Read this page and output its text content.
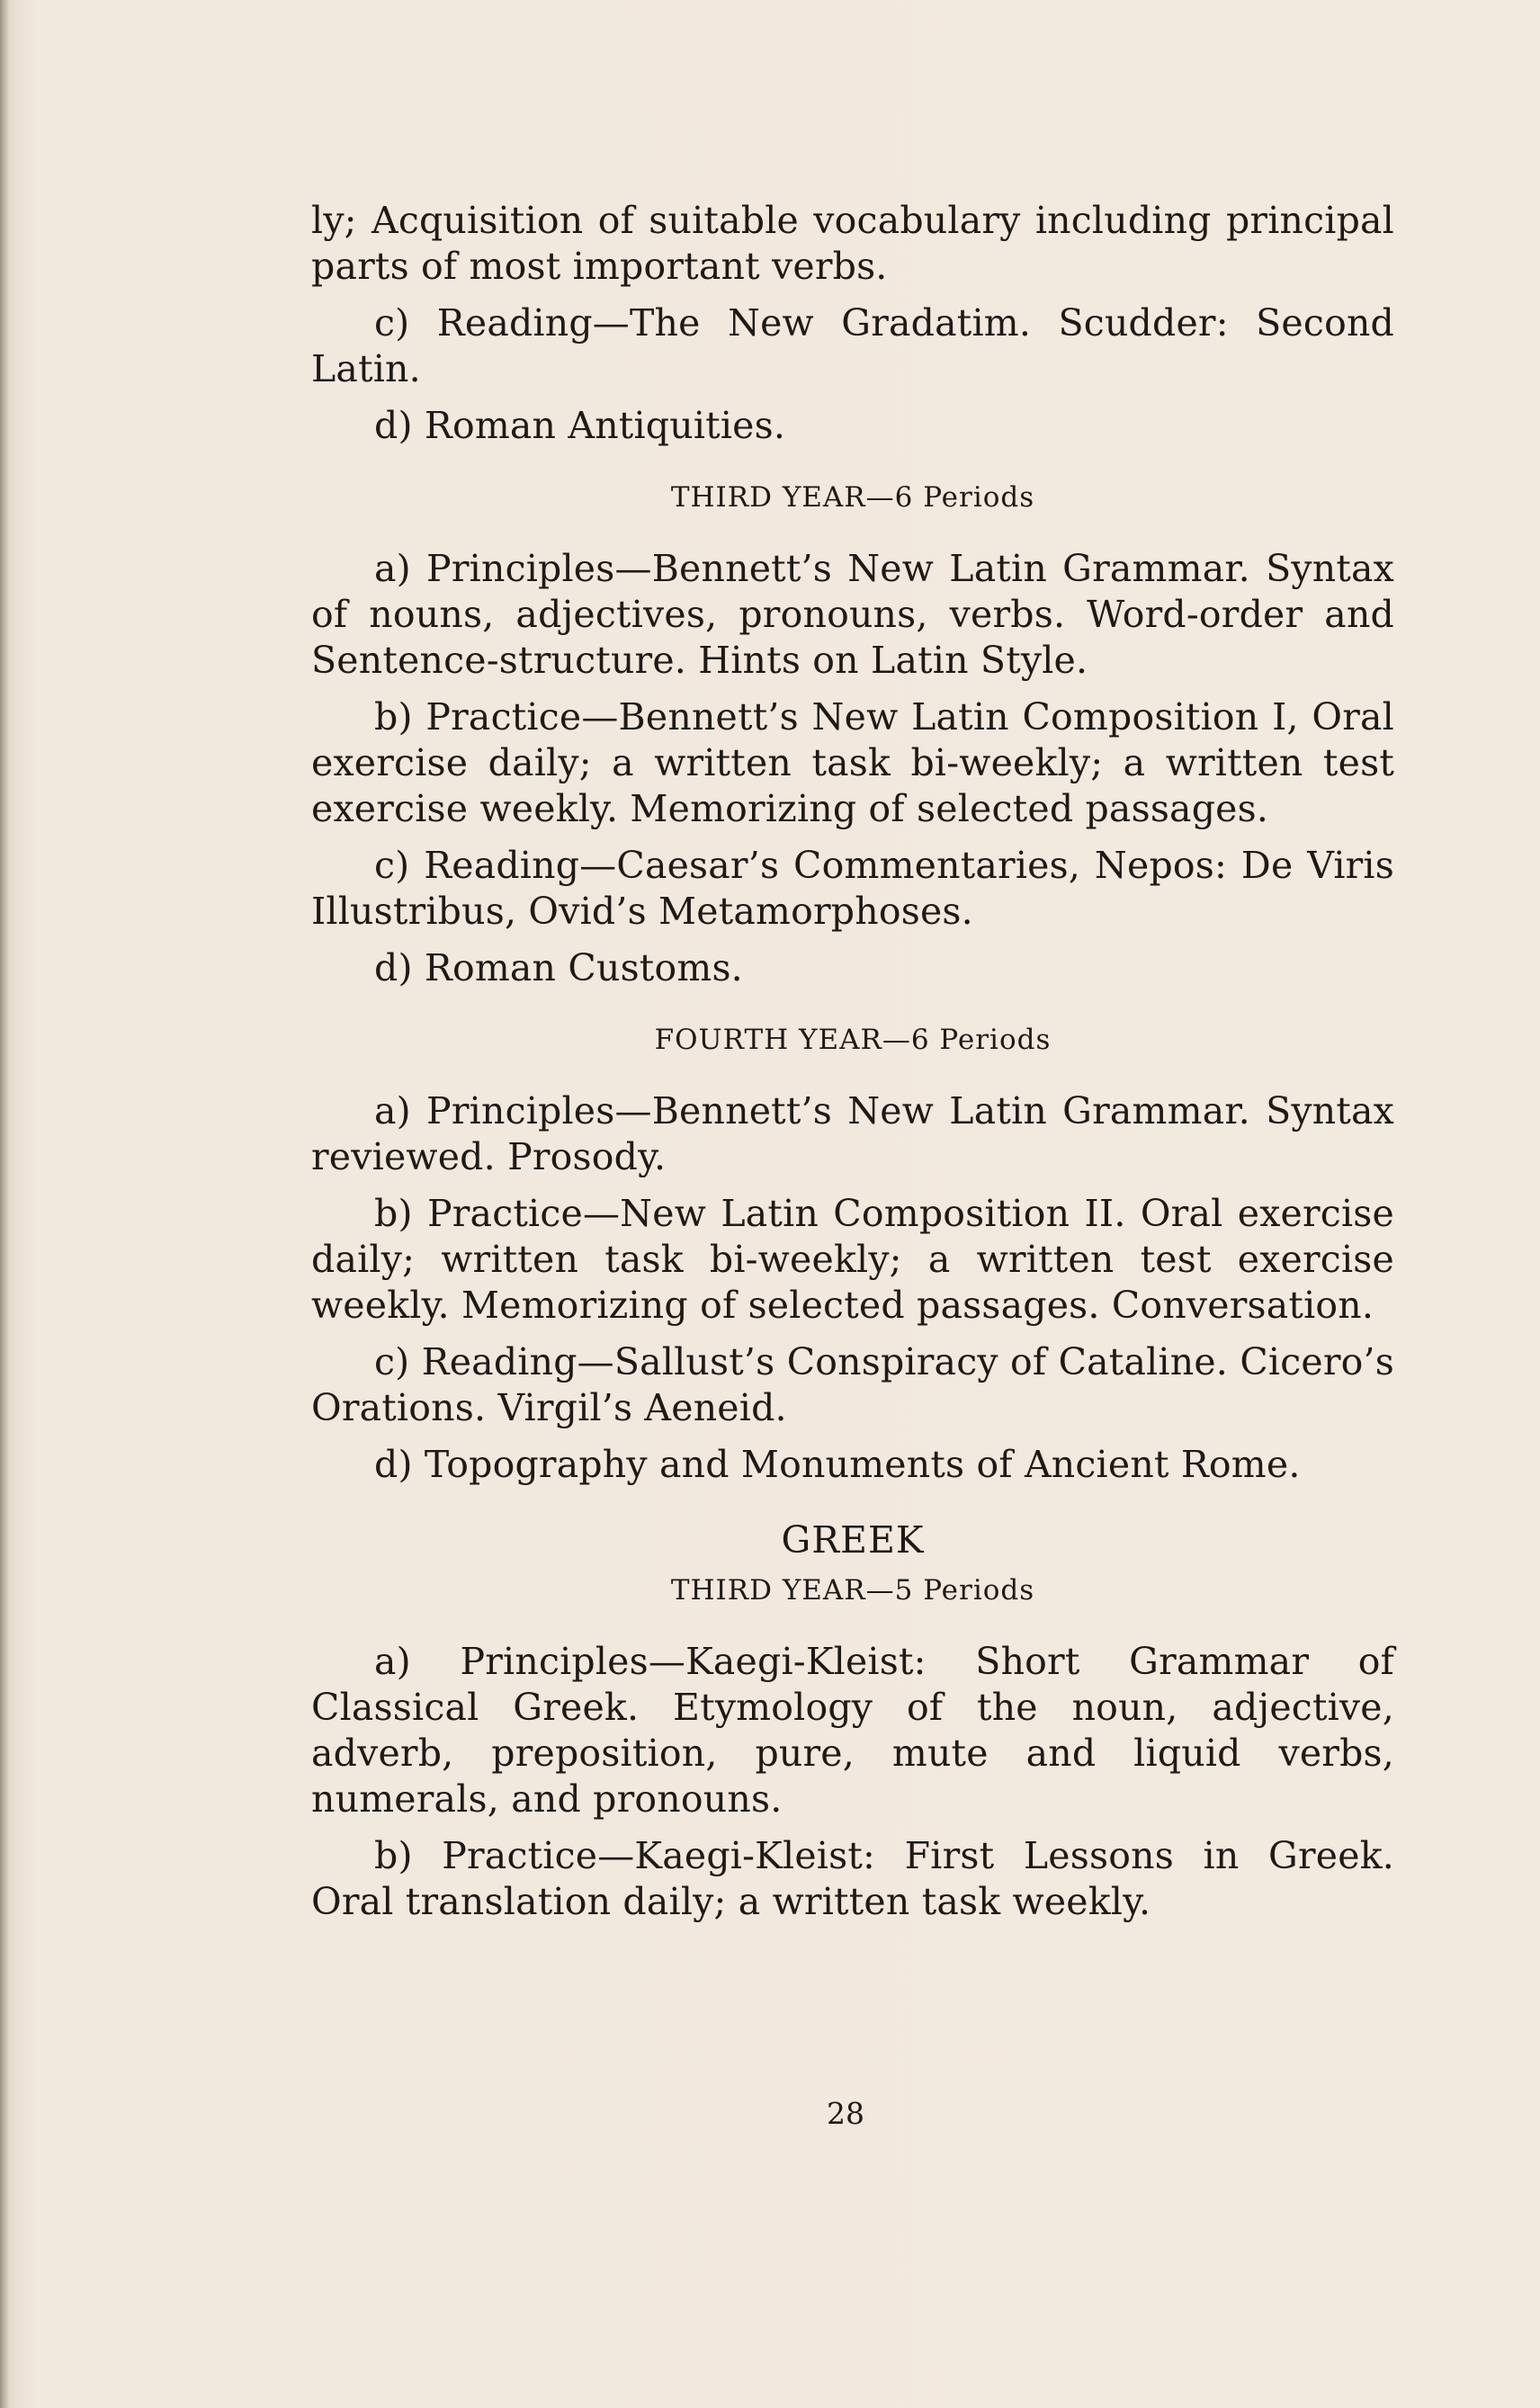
ly; Acquisition of suitable vocabulary including principal parts of most important verbs.

c) Reading—The New Gradatim. Scudder: Second Latin.

d) Roman Antiquities.

THIRD YEAR—6 Periods

a) Principles—Bennett’s New Latin Grammar. Syntax of nouns, adjectives, pronouns, verbs. Word-order and Sentence-structure. Hints on Latin Style.

b) Practice—Bennett’s New Latin Composition I, Oral exercise daily; a written task bi-weekly; a written test exercise weekly. Memorizing of selected passages.

c) Reading—Caesar’s Commentaries, Nepos: De Viris Illustribus, Ovid’s Metamorphoses.

d) Roman Customs.

FOURTH YEAR—6 Periods

a) Principles—Bennett’s New Latin Grammar. Syntax reviewed. Prosody.

b) Practice—New Latin Composition II. Oral exercise daily; written task bi-weekly; a written test exercise weekly. Memorizing of selected passages. Conversation.

c) Reading—Sallust’s Conspiracy of Cataline. Cicero’s Orations. Virgil’s Aeneid.

d) Topography and Monuments of Ancient Rome.

GREEK
THIRD YEAR—5 Periods

a) Principles—Kaegi-Kleist: Short Grammar of Classical Greek. Etymology of the noun, adjective, adverb, preposition, pure, mute and liquid verbs, numerals, and pronouns.

b) Practice—Kaegi-Kleist: First Lessons in Greek. Oral translation daily; a written task weekly.

28
